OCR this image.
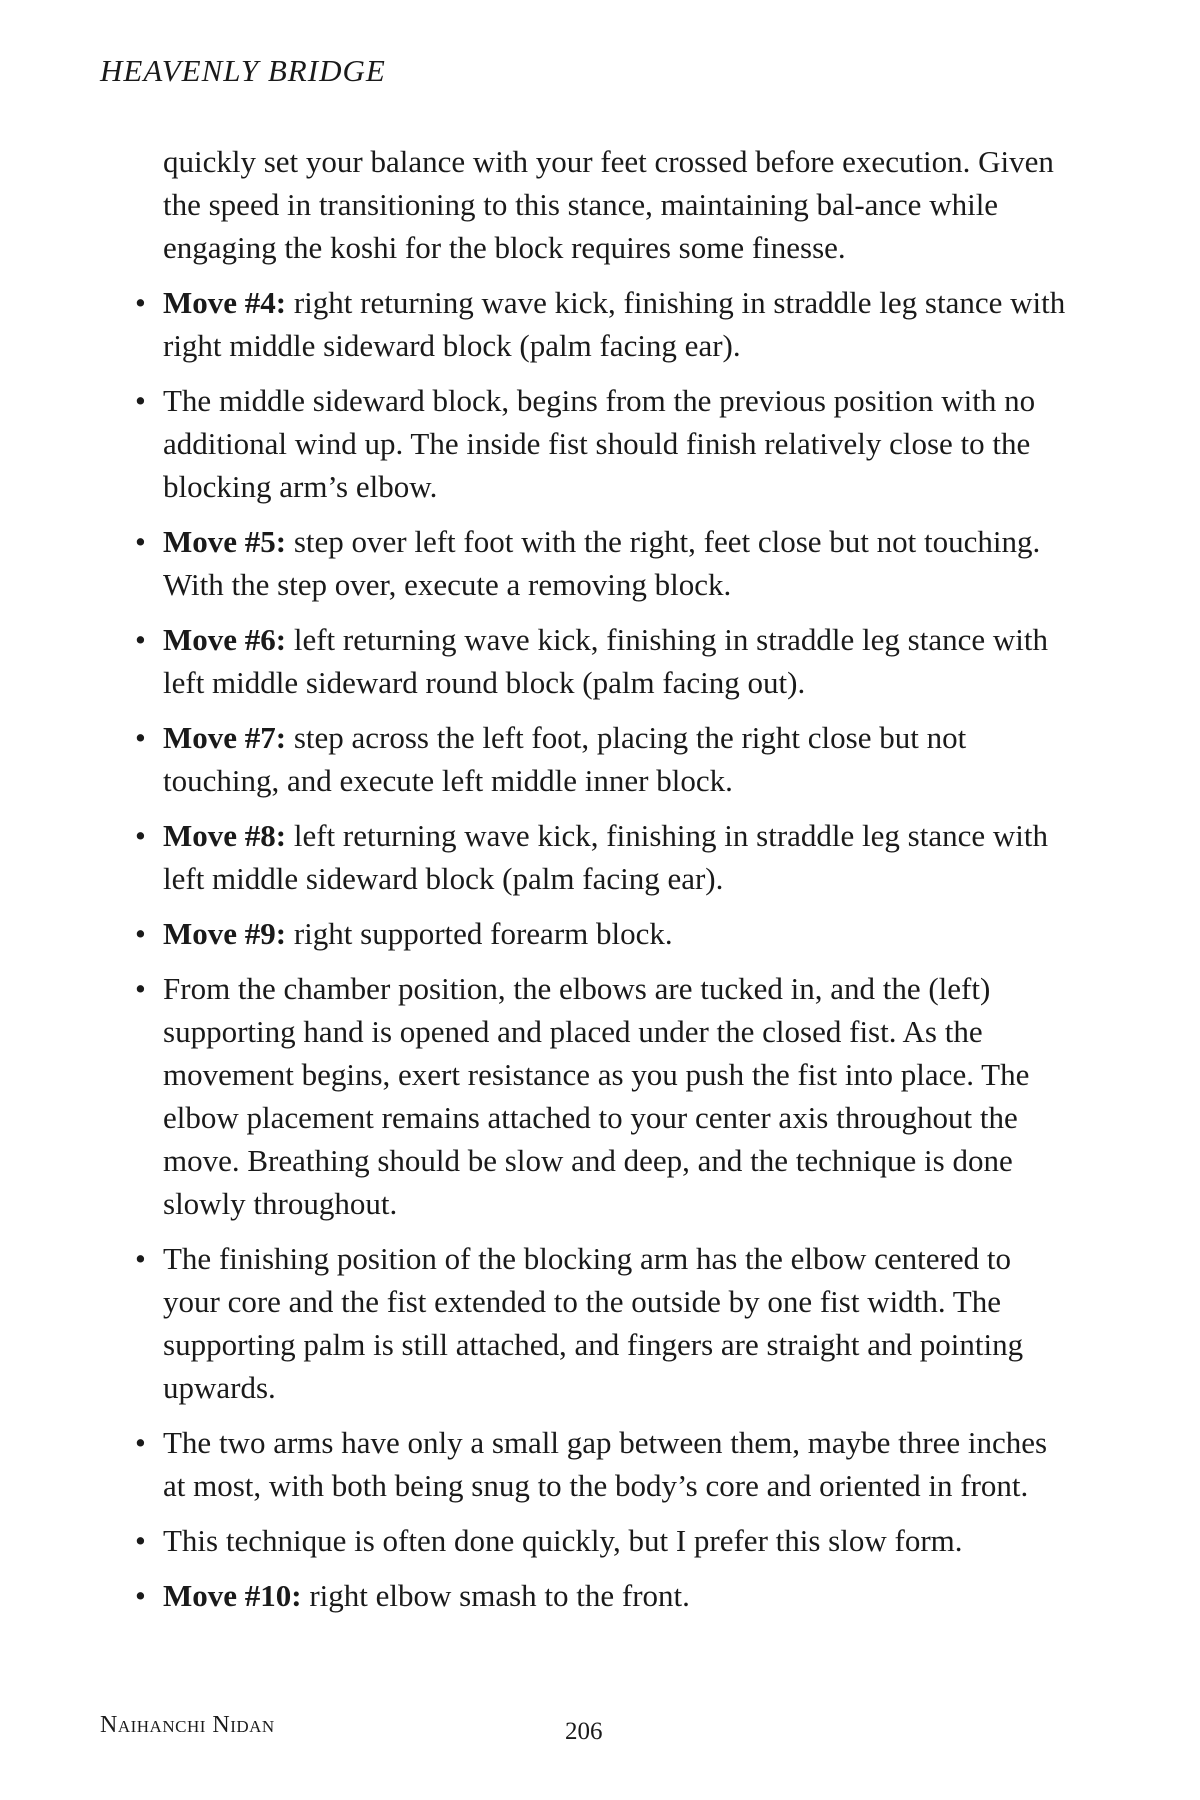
HEAVENLY BRIDGE

quickly set your balance with your feet crossed before execution. Given the speed in transitioning to this stance, maintaining bal-ance while engaging the koshi for the block requires some finesse.

• Move #4: right returning wave kick, finishing in straddle leg stance with right middle sideward block (palm facing ear).
• The middle sideward block, begins from the previous position with no additional wind up. The inside fist should finish relatively close to the blocking arm’s elbow.
• Move #5: step over left foot with the right, feet close but not touching. With the step over, execute a removing block.
• Move #6: left returning wave kick, finishing in straddle leg stance with left middle sideward round block (palm facing out).
• Move #7: step across the left foot, placing the right close but not touching, and execute left middle inner block.
• Move #8: left returning wave kick, finishing in straddle leg stance with left middle sideward block (palm facing ear).
• Move #9: right supported forearm block.
• From the chamber position, the elbows are tucked in, and the (left) supporting hand is opened and placed under the closed fist. As the movement begins, exert resistance as you push the fist into place. The elbow placement remains attached to your center axis throughout the move. Breathing should be slow and deep, and the technique is done slowly throughout.
• The finishing position of the blocking arm has the elbow centered to your core and the fist extended to the outside by one fist width. The supporting palm is still attached, and fingers are straight and pointing upwards.
• The two arms have only a small gap between them, maybe three inches at most, with both being snug to the body’s core and oriented in front.
• This technique is often done quickly, but I prefer this slow form.
• Move #10: right elbow smash to the front.
Naihanchi Nidan	206
